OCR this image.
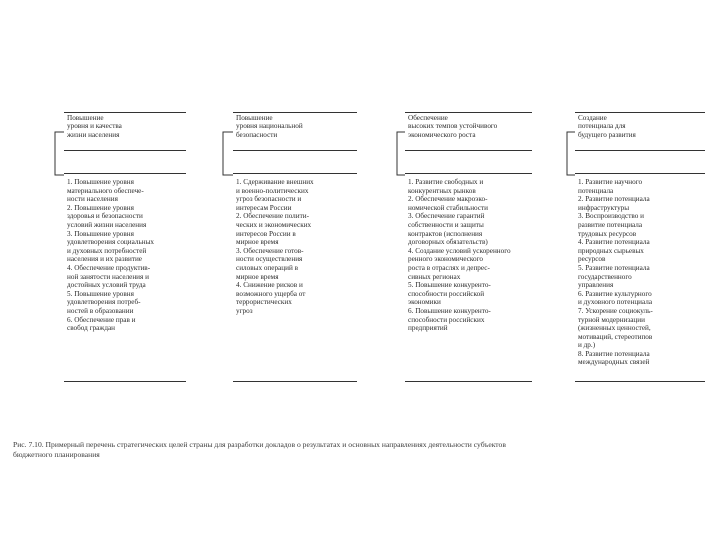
Повышение
уровня и качества
жизни населения
Повышение
уровня национальной
безопасности
Обеспечение
высоких темпов устойчивого
экономического роста
Создание
потенциала для
будущего развития
1. Повышение уровня
материального обеспече-
ности населения
2. Повышение уровня
здоровья и безопасности
условий жизни населения
3. Повышение уровня
удовлетворения социальных
и духовных потребностей
населения и их развитие
4. Обеспечение продуктив-
ной занятости населения и
достойных условий труда
5. Повышение уровня
удовлетворения потреб-
ностей в образовании
6. Обеспечение прав и
свобод граждан
1. Сдерживание внешних
и военно-политических
угроз безопасности и
интересам России
2. Обеспечение полити-
ческих и экономических
интересов России в
мирное время
3. Обеспечение готов-
ности осуществления
силовых операций в
мирное время
4. Снижение рисков и
возможного ущерба от
террористических
угроз
1. Развитие свободных и
конкурентных рынков
2. Обеспечение макроэко-
номической стабильности
3. Обеспечение гарантий
собственности и защиты
контрактов (исполнения
договорных обязательств)
4. Создание условий ускоренного
ренного экономического
роста в отраслях и депрес-
сивных регионах
5. Повышение конкуренто-
способности российской
экономики
6. Повышение конкуренто-
способности российских
предприятий
1. Развитие научного
потенциала
2. Развитие потенциала
инфраструктуры
3. Воспроизводство и
развитие потенциала
трудовых ресурсов
4. Развитие потенциала
природных сырьевых
ресурсов
5. Развитие потенциала
государственного
управления
6. Развитие культурного
и духовного потенциала
7. Ускорение социокуль-
турной модернизации
(жизненных ценностей,
мотиваций, стереотипов
и др.)
8. Развитие потенциала
международных связей
Рис. 7.10. Примерный перечень стратегических целей страны для разработки докладов о результатах и основных направлениях деятельности субъектов
бюджетного планирования
